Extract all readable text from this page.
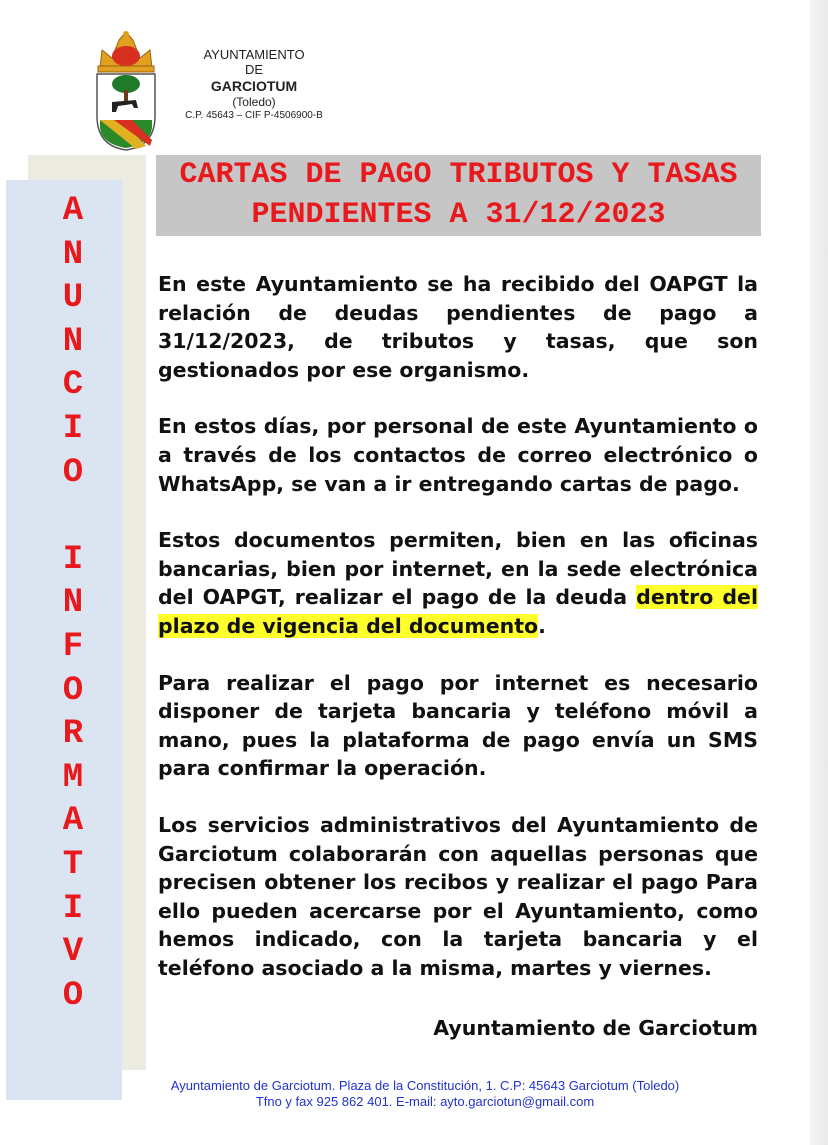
AYUNTAMIENTO
DE
GARCIOTUM
(Toledo)
C.P. 45643 – CIF P-4506900-B
A
N
U
N
C
I
O
I
N
F
O
R
M
A
T
I
V
O
CARTAS DE PAGO TRIBUTOS Y TASAS
PENDIENTES A 31/12/2023

En este Ayuntamiento se ha recibido del OAPGT la relación de deudas pendientes de pago a 31/12/2023, de tributos y tasas, que son gestionados por ese organismo.

En estos días, por personal de este Ayuntamiento o a través de los contactos de correo electrónico o WhatsApp, se van a ir entregando cartas de pago.

Estos documentos permiten, bien en las oficinas bancarias, bien por internet, en la sede electrónica del OAPGT, realizar el pago de la deuda dentro del plazo de vigencia del documento.

Para realizar el pago por internet es necesario disponer de tarjeta bancaria y teléfono móvil a mano, pues la plataforma de pago envía un SMS para confirmar la operación.

Los servicios administrativos del Ayuntamiento de Garciotum colaborarán con aquellas personas que precisen obtener los recibos y realizar el pago Para ello pueden acercarse por el Ayuntamiento, como hemos indicado, con la tarjeta bancaria y el teléfono asociado a la misma, martes y viernes.

Ayuntamiento de Garciotum
Ayuntamiento de Garciotum. Plaza de la Constitución, 1. C.P: 45643 Garciotum (Toledo)
Tfno y fax 925 862 401. E-mail: ayto.garciotun@gmail.com
